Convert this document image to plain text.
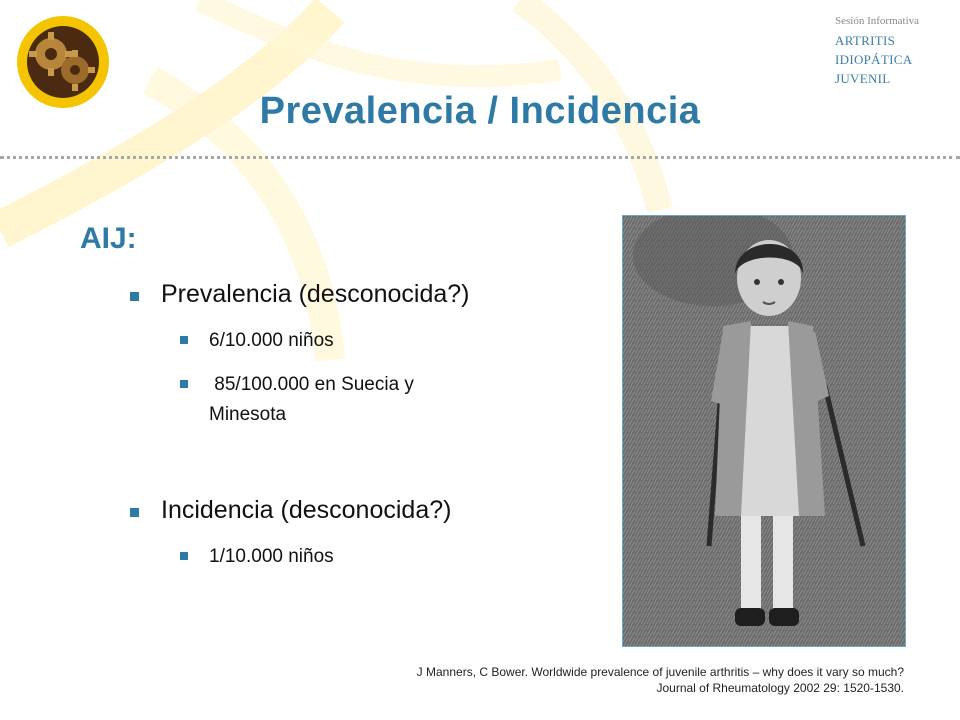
Sesión Informativa
ARTRITIS
IDIOPÁTICA
JUVENIL
Prevalencia / Incidencia
AIJ:
Prevalencia (desconocida?)
6/10.000 niños
85/100.000 en Suecia y
Minesota
Incidencia (desconocida?)
1/10.000 niños
J Manners, C Bower. Worldwide prevalence of juvenile arthritis – why does it vary so much?
Journal of Rheumatology 2002 29: 1520-1530.
